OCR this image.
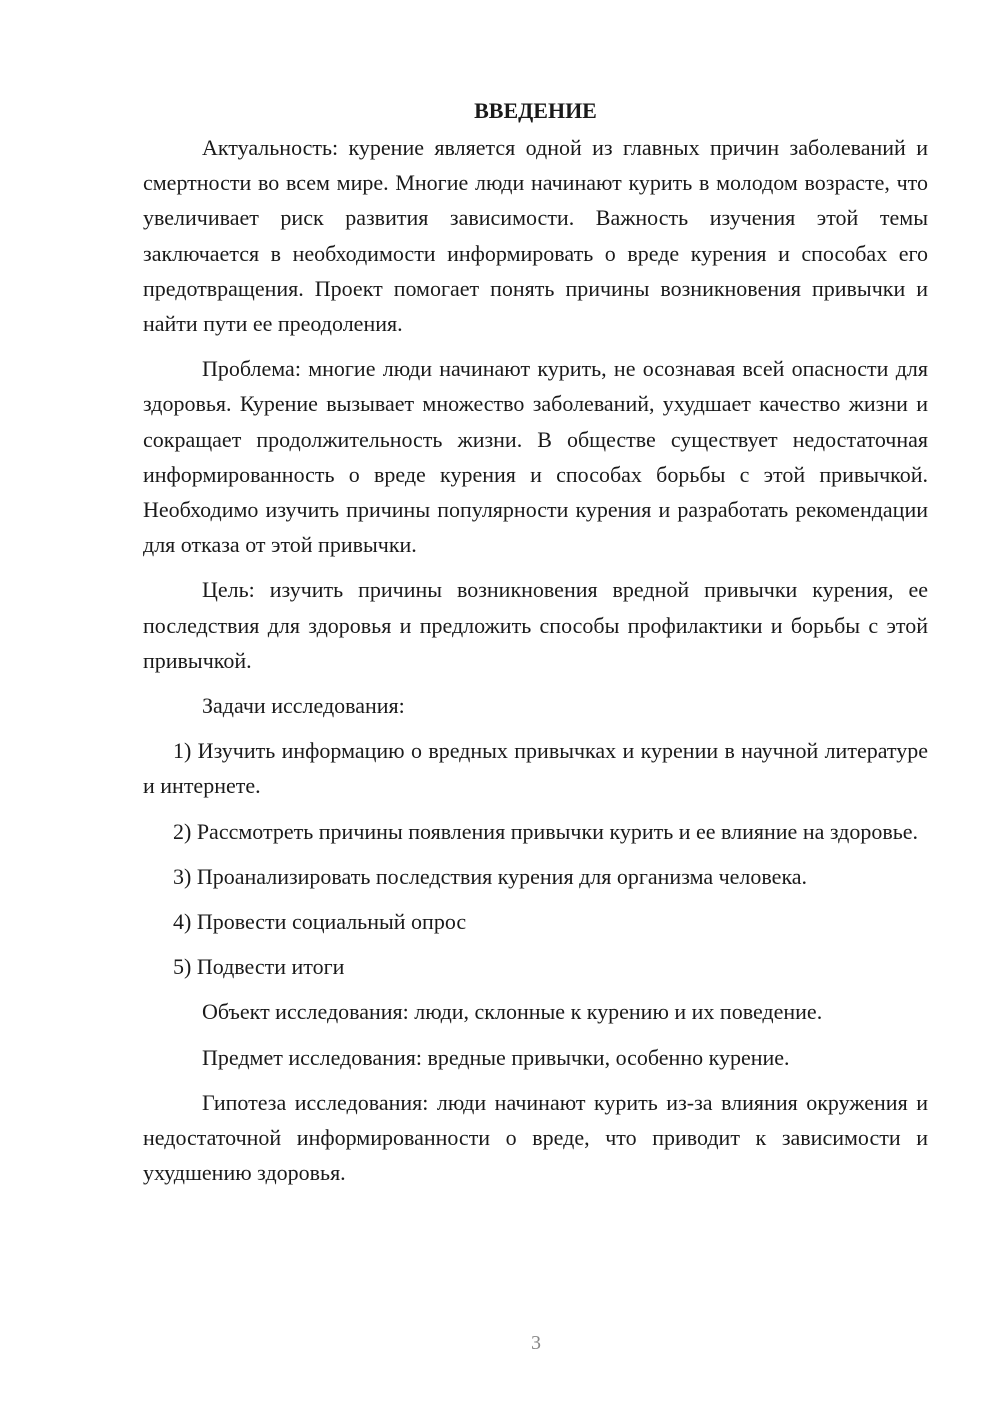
ВВЕДЕНИЕ

Актуальность: курение является одной из главных причин заболеваний и смертности во всем мире. Многие люди начинают курить в молодом возрасте, что увеличивает риск развития зависимости. Важность изучения этой темы заключается в необходимости информировать о вреде курения и способах его предотвращения. Проект помогает понять причины возникновения привычки и найти пути ее преодоления.

Проблема: многие люди начинают курить, не осознавая всей опасности для здоровья. Курение вызывает множество заболеваний, ухудшает качество жизни и сокращает продолжительность жизни. В обществе существует недостаточная информированность о вреде курения и способах борьбы с этой привычкой. Необходимо изучить причины популярности курения и разработать рекомендации для отказа от этой привычки.

Цель: изучить причины возникновения вредной привычки курения, ее последствия для здоровья и предложить способы профилактики и борьбы с этой привычкой.

Задачи исследования:

1) Изучить информацию о вредных привычках и курении в научной литературе и интернете.

2) Рассмотреть причины появления привычки курить и ее влияние на здоровье.

3) Проанализировать последствия курения для организма человека.

4) Провести социальный опрос

5) Подвести итоги

Объект исследования: люди, склонные к курению и их поведение.

Предмет исследования: вредные привычки, особенно курение.

Гипотеза исследования: люди начинают курить из-за влияния окружения и недостаточной информированности о вреде, что приводит к зависимости и ухудшению здоровья.

3
